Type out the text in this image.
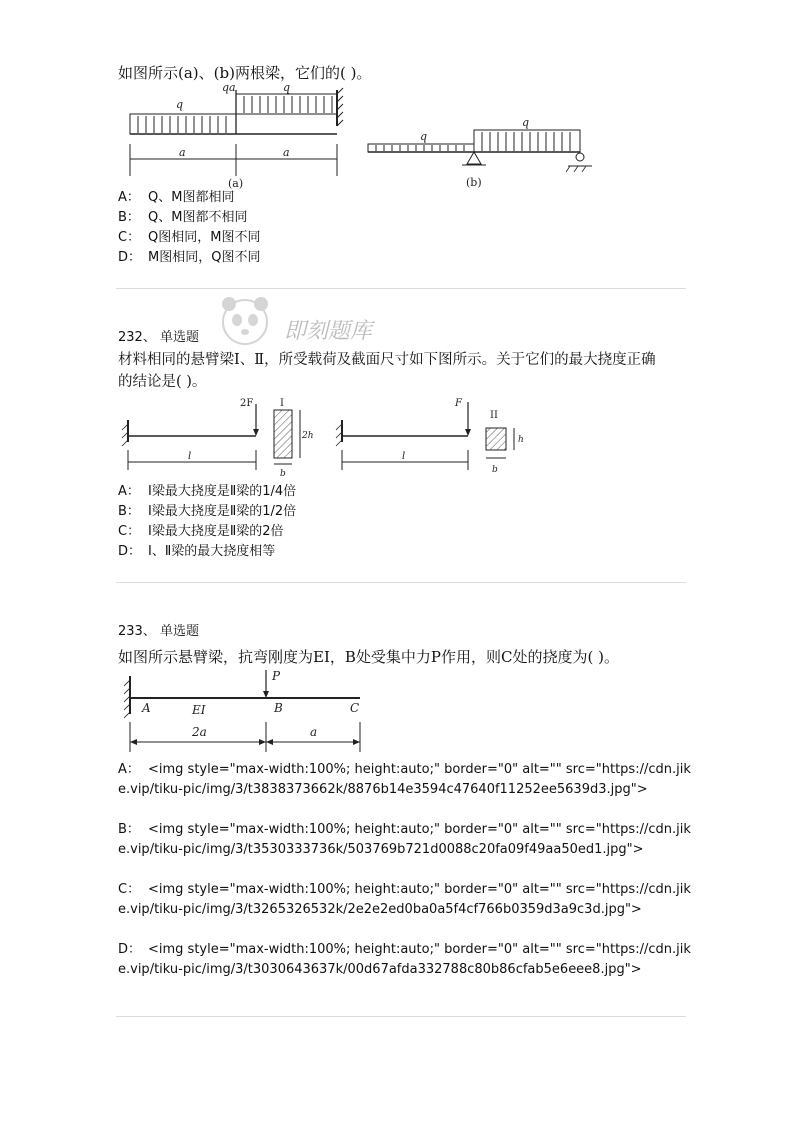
如图所示(a)、(b)两根梁，它们的( )。
qa
q
q
a	a
(a)
q
q
(b)
A： Q、M图都相同
B： Q、M图都不相同
C： Q图相同，M图不同
D： M图相同，Q图不同
即刻题库
232、 单选题
材料相同的悬臂梁Ⅰ、Ⅱ，所受载荷及截面尺寸如下图所示。关于它们的最大挠度正确
的结论是( )。
2F
l
I
2h
b
F
l
II
h
b
A： Ⅰ梁最大挠度是Ⅱ梁的1/4倍
B： Ⅰ梁最大挠度是Ⅱ梁的1/2倍
C： Ⅰ梁最大挠度是Ⅱ梁的2倍
D： Ⅰ、Ⅱ梁的最大挠度相等
233、 单选题
如图所示悬臂梁，抗弯刚度为EI，B处受集中力P作用，则C处的挠度为( )。
P
A	EI	B	C
2a	a
A： <img style="max-width:100%; height:auto;" border="0" alt="" src="https://cdn.jike.vip/tiku-pic/img/3/t3838373662k/8876b14e3594c47640f11252ee5639d3.jpg">
B： <img style="max-width:100%; height:auto;" border="0" alt="" src="https://cdn.jike.vip/tiku-pic/img/3/t3530333736k/503769b721d0088c20fa09f49aa50ed1.jpg">
C： <img style="max-width:100%; height:auto;" border="0" alt="" src="https://cdn.jike.vip/tiku-pic/img/3/t3265326532k/2e2e2ed0ba0a5f4cf766b0359d3a9c3d.jpg">
D： <img style="max-width:100%; height:auto;" border="0" alt="" src="https://cdn.jike.vip/tiku-pic/img/3/t3030643637k/00d67afda332788c80b86cfab5e6eee8.jpg">
